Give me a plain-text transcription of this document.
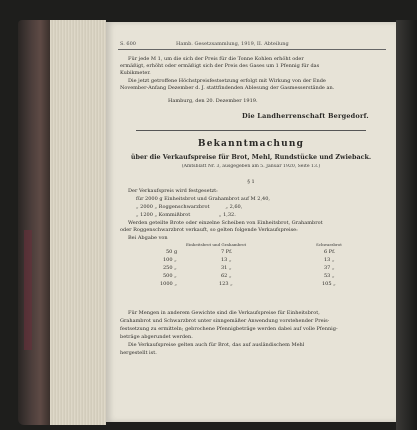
S. 600	Hamb. Gesetzsammlung, 1919, II. Abteilung
Für jede M 1, um die sich der Preis für die Tonne Kohlen erhöht oder
ermäßigt, erhöht oder ermäßigt sich der Preis des Gases um 1 Pfennig für das
Kubikmeter.
Die jetzt getroffene Höchstpreisfestsetzung erfolgt mit Wirkung von der Ende
November-Anfang Dezember d. J. stattfindenden Ablesung der Gasmesserstände an.
Hamburg, den 20. Dezember 1919.
Die Landherrenschaft Bergedorf.
Bekanntmachung
über die Verkaufspreise für Brot, Mehl, Rundstücke und Zwieback.
(Amtsblatt Nr. 3, ausgegeben am 5. Januar 1920, Seite 13.)
§ 1
Der Verkaufspreis wird festgesetzt:
für 2000 g Einheitsbrot und Grahambrot auf M 2,40,
„ 2000 „ Roggenschwarzbrot          „ 2,60,
„ 1200 „ Kommißbrot                  „ 1,32.
Werden geteilte Brote oder einzelne Scheiben von Einheitsbrot, Grahambrot
oder Roggenschwarzbrot verkauft, so gelten folgende Verkaufspreise:
Bei Abgabe von
Einheitsbrot und Grahambrot	Schwarzbrot
50 g	7 Pf.	6 Pf.
100 „	13 „	13 „
250 „	31 „	37 „
500 „	62 „	53 „
1000 „	123 „	105 „
Für Mengen in anderem Gewichte sind die Verkaufspreise für Einheitsbrot,
Grahambrot und Schwarzbrot unter sinngemäßer Anwendung vorstehender Preis-
festsetzung zu ermitteln; gebrochene Pfennigbeträge werden dabei auf volle Pfennig-
beträge abgerundet werden.
Die Verkaufspreise gelten auch für Brot, das auf ausländischem Mehl
hergestellt ist.
